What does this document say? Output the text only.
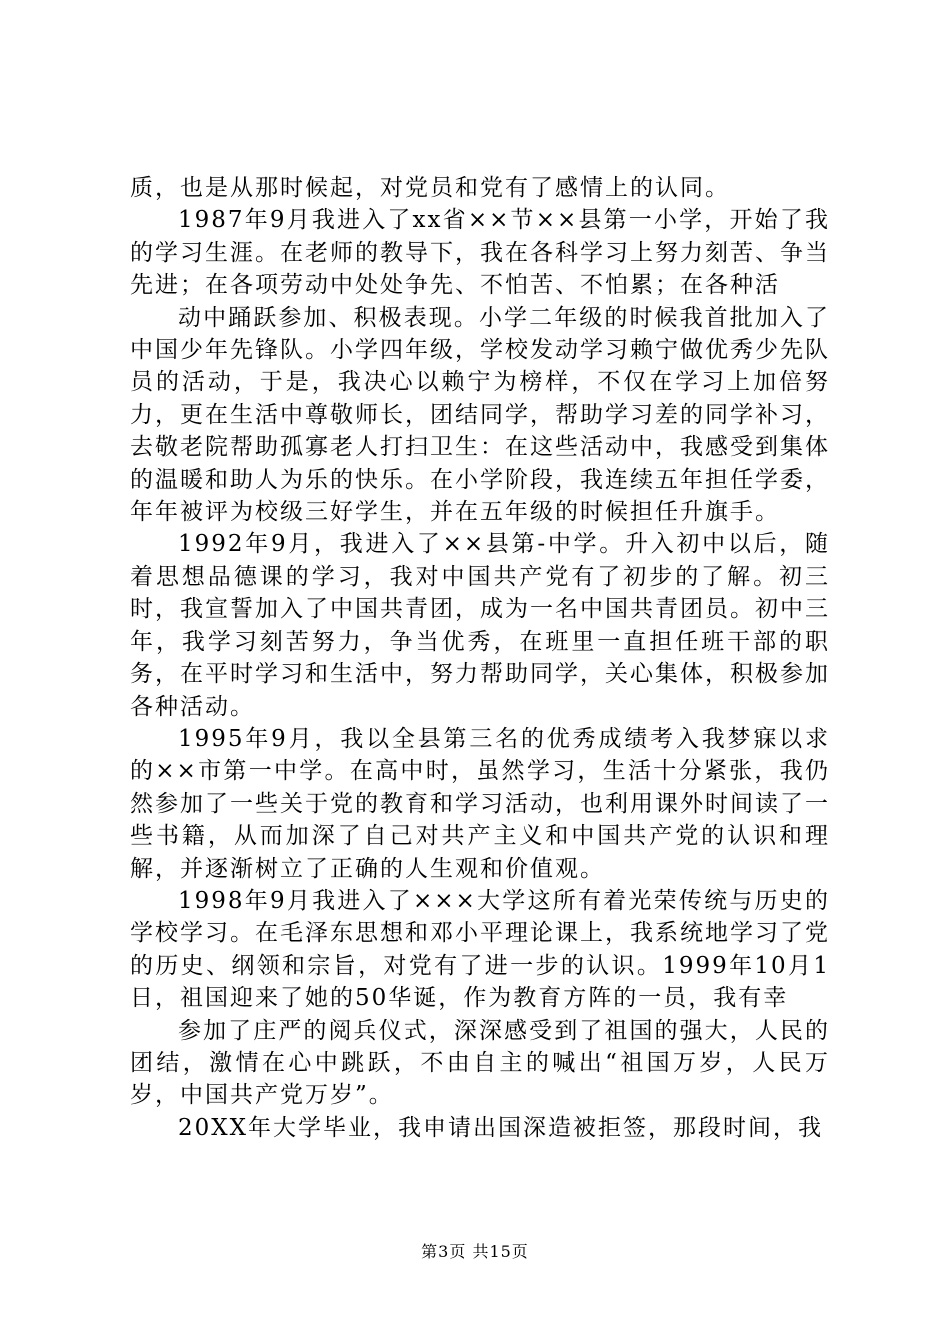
质，也是从那时候起，对党员和党有了感情上的认同。

1987年9月我进入了xx省××节××县第一小学，开始了我的学习生涯。在老师的教导下，我在各科学习上努力刻苦、争当先进；在各项劳动中处处争先、不怕苦、不怕累；在各种活

动中踊跃参加、积极表现。小学二年级的时候我首批加入了中国少年先锋队。小学四年级，学校发动学习赖宁做优秀少先队员的活动，于是，我决心以赖宁为榜样，不仅在学习上加倍努力，更在生活中尊敬师长，团结同学，帮助学习差的同学补习，去敬老院帮助孤寡老人打扫卫生：在这些活动中，我感受到集体的温暖和助人为乐的快乐。在小学阶段，我连续五年担任学委，年年被评为校级三好学生，并在五年级的时候担任升旗手。

1992年9月，我进入了××县第-中学。升入初中以后，随着思想品德课的学习，我对中国共产党有了初步的了解。初三时，我宣誓加入了中国共青团，成为一名中国共青团员。初中三年，我学习刻苦努力，争当优秀，在班里一直担任班干部的职务，在平时学习和生活中，努力帮助同学，关心集体，积极参加各种活动。

1995年9月，我以全县第三名的优秀成绩考入我梦寐以求的××市第一中学。在高中时，虽然学习，生活十分紧张，我仍然参加了一些关于党的教育和学习活动，也利用课外时间读了一些书籍，从而加深了自己对共产主义和中国共产党的认识和理解，并逐渐树立了正确的人生观和价值观。

1998年9月我进入了×××大学这所有着光荣传统与历史的学校学习。在毛泽东思想和邓小平理论课上，我系统地学习了党的历史、纲领和宗旨，对党有了进一步的认识。1999年10月1日，祖国迎来了她的50华诞，作为教育方阵的一员，我有幸

参加了庄严的阅兵仪式，深深感受到了祖国的强大，人民的团结，激情在心中跳跃，不由自主的喊出“祖国万岁，人民万岁，中国共产党万岁”。

20XX年大学毕业，我申请出国深造被拒签，那段时间，我

第3页 共15页
